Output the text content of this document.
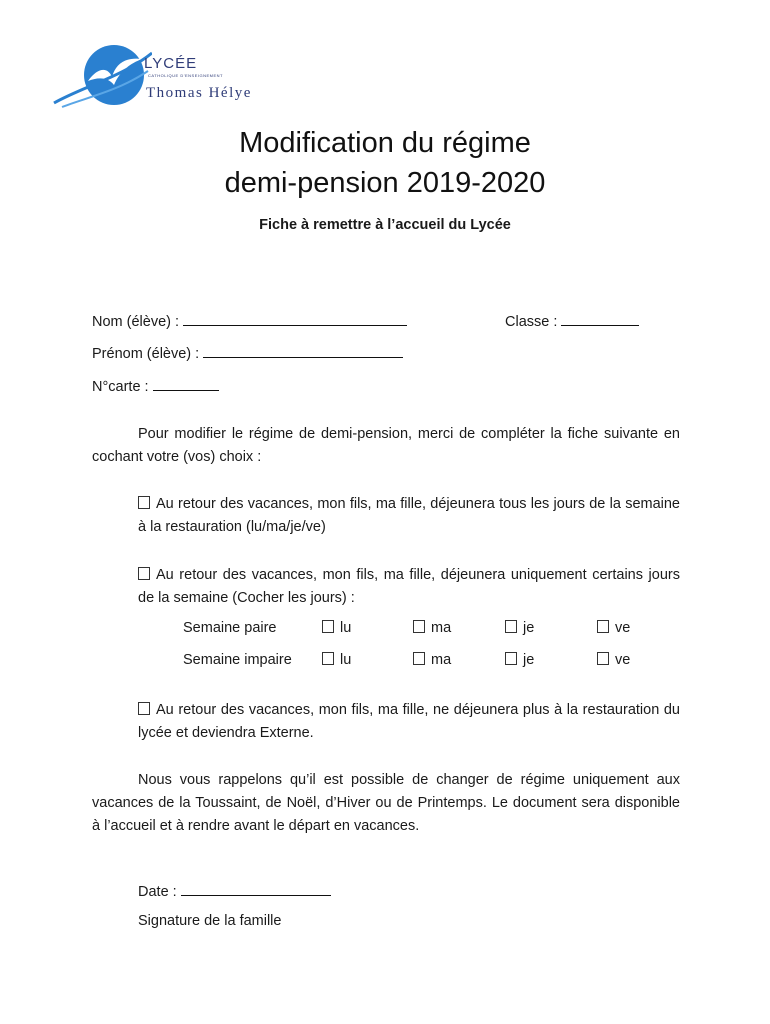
LYCÉE
CATHOLIQUE D'ENSEIGNEMENT
Thomas Hélye
Modification du régime
demi-pension 2019-2020
Fiche à remettre à l’accueil du Lycée
Nom (élève) :	Classe :
Prénom (élève) :
N°carte :
Pour modifier le régime de demi-pension, merci de compléter la fiche suivante en cochant votre (vos) choix :
Au retour des vacances, mon fils, ma fille, déjeunera tous les jours de la semaine à la restauration (lu/ma/je/ve)
Au retour des vacances, mon fils, ma fille, déjeunera uniquement certains jours de la semaine (Cocher les jours) :
Semaine paire	lu	ma	je	ve
Semaine impaire	lu	ma	je	ve
Au retour des vacances, mon fils, ma fille, ne déjeunera plus à la restauration du lycée et deviendra Externe.
Nous vous rappelons qu’il est possible de changer de régime uniquement aux vacances de la Toussaint, de Noël, d’Hiver ou de Printemps. Le document sera disponible à l’accueil et à rendre avant le départ en vacances.
Date :
Signature de la famille
